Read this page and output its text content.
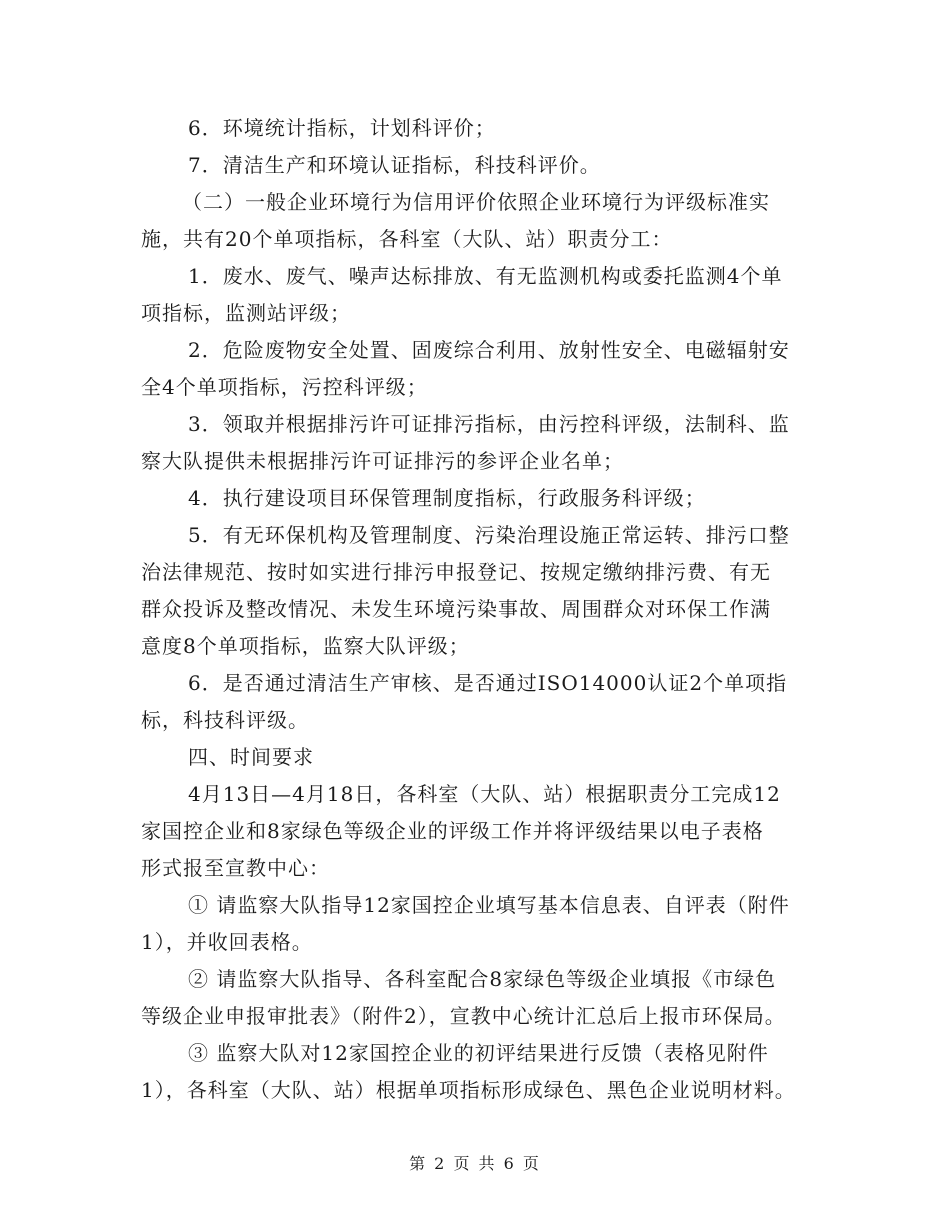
6．环境统计指标，计划科评价；
7．清洁生产和环境认证指标，科技科评价。
（二）一般企业环境行为信用评价依照企业环境行为评级标准实
施，共有20个单项指标，各科室（大队、站）职责分工：
1．废水、废气、噪声达标排放、有无监测机构或委托监测4个单
项指标，监测站评级；
2．危险废物安全处置、固废综合利用、放射性安全、电磁辐射安
全4个单项指标，污控科评级；
3．领取并根据排污许可证排污指标，由污控科评级，法制科、监
察大队提供未根据排污许可证排污的参评企业名单；
4．执行建设项目环保管理制度指标，行政服务科评级；
5．有无环保机构及管理制度、污染治理设施正常运转、排污口整
治法律规范、按时如实进行排污申报登记、按规定缴纳排污费、有无
群众投诉及整改情况、未发生环境污染事故、周围群众对环保工作满
意度8个单项指标，监察大队评级；
6．是否通过清洁生产审核、是否通过ISO14000认证2个单项指
标，科技科评级。
四、时间要求
4月13日—4月18日，各科室（大队、站）根据职责分工完成12
家国控企业和8家绿色等级企业的评级工作并将评级结果以电子表格
形式报至宣教中心：
① 请监察大队指导12家国控企业填写基本信息表、自评表（附件
1），并收回表格。
② 请监察大队指导、各科室配合8家绿色等级企业填报《市绿色
等级企业申报审批表》（附件2），宣教中心统计汇总后上报市环保局。
③ 监察大队对12家国控企业的初评结果进行反馈（表格见附件
1），各科室（大队、站）根据单项指标形成绿色、黑色企业说明材料。
第 2 页 共 6 页
